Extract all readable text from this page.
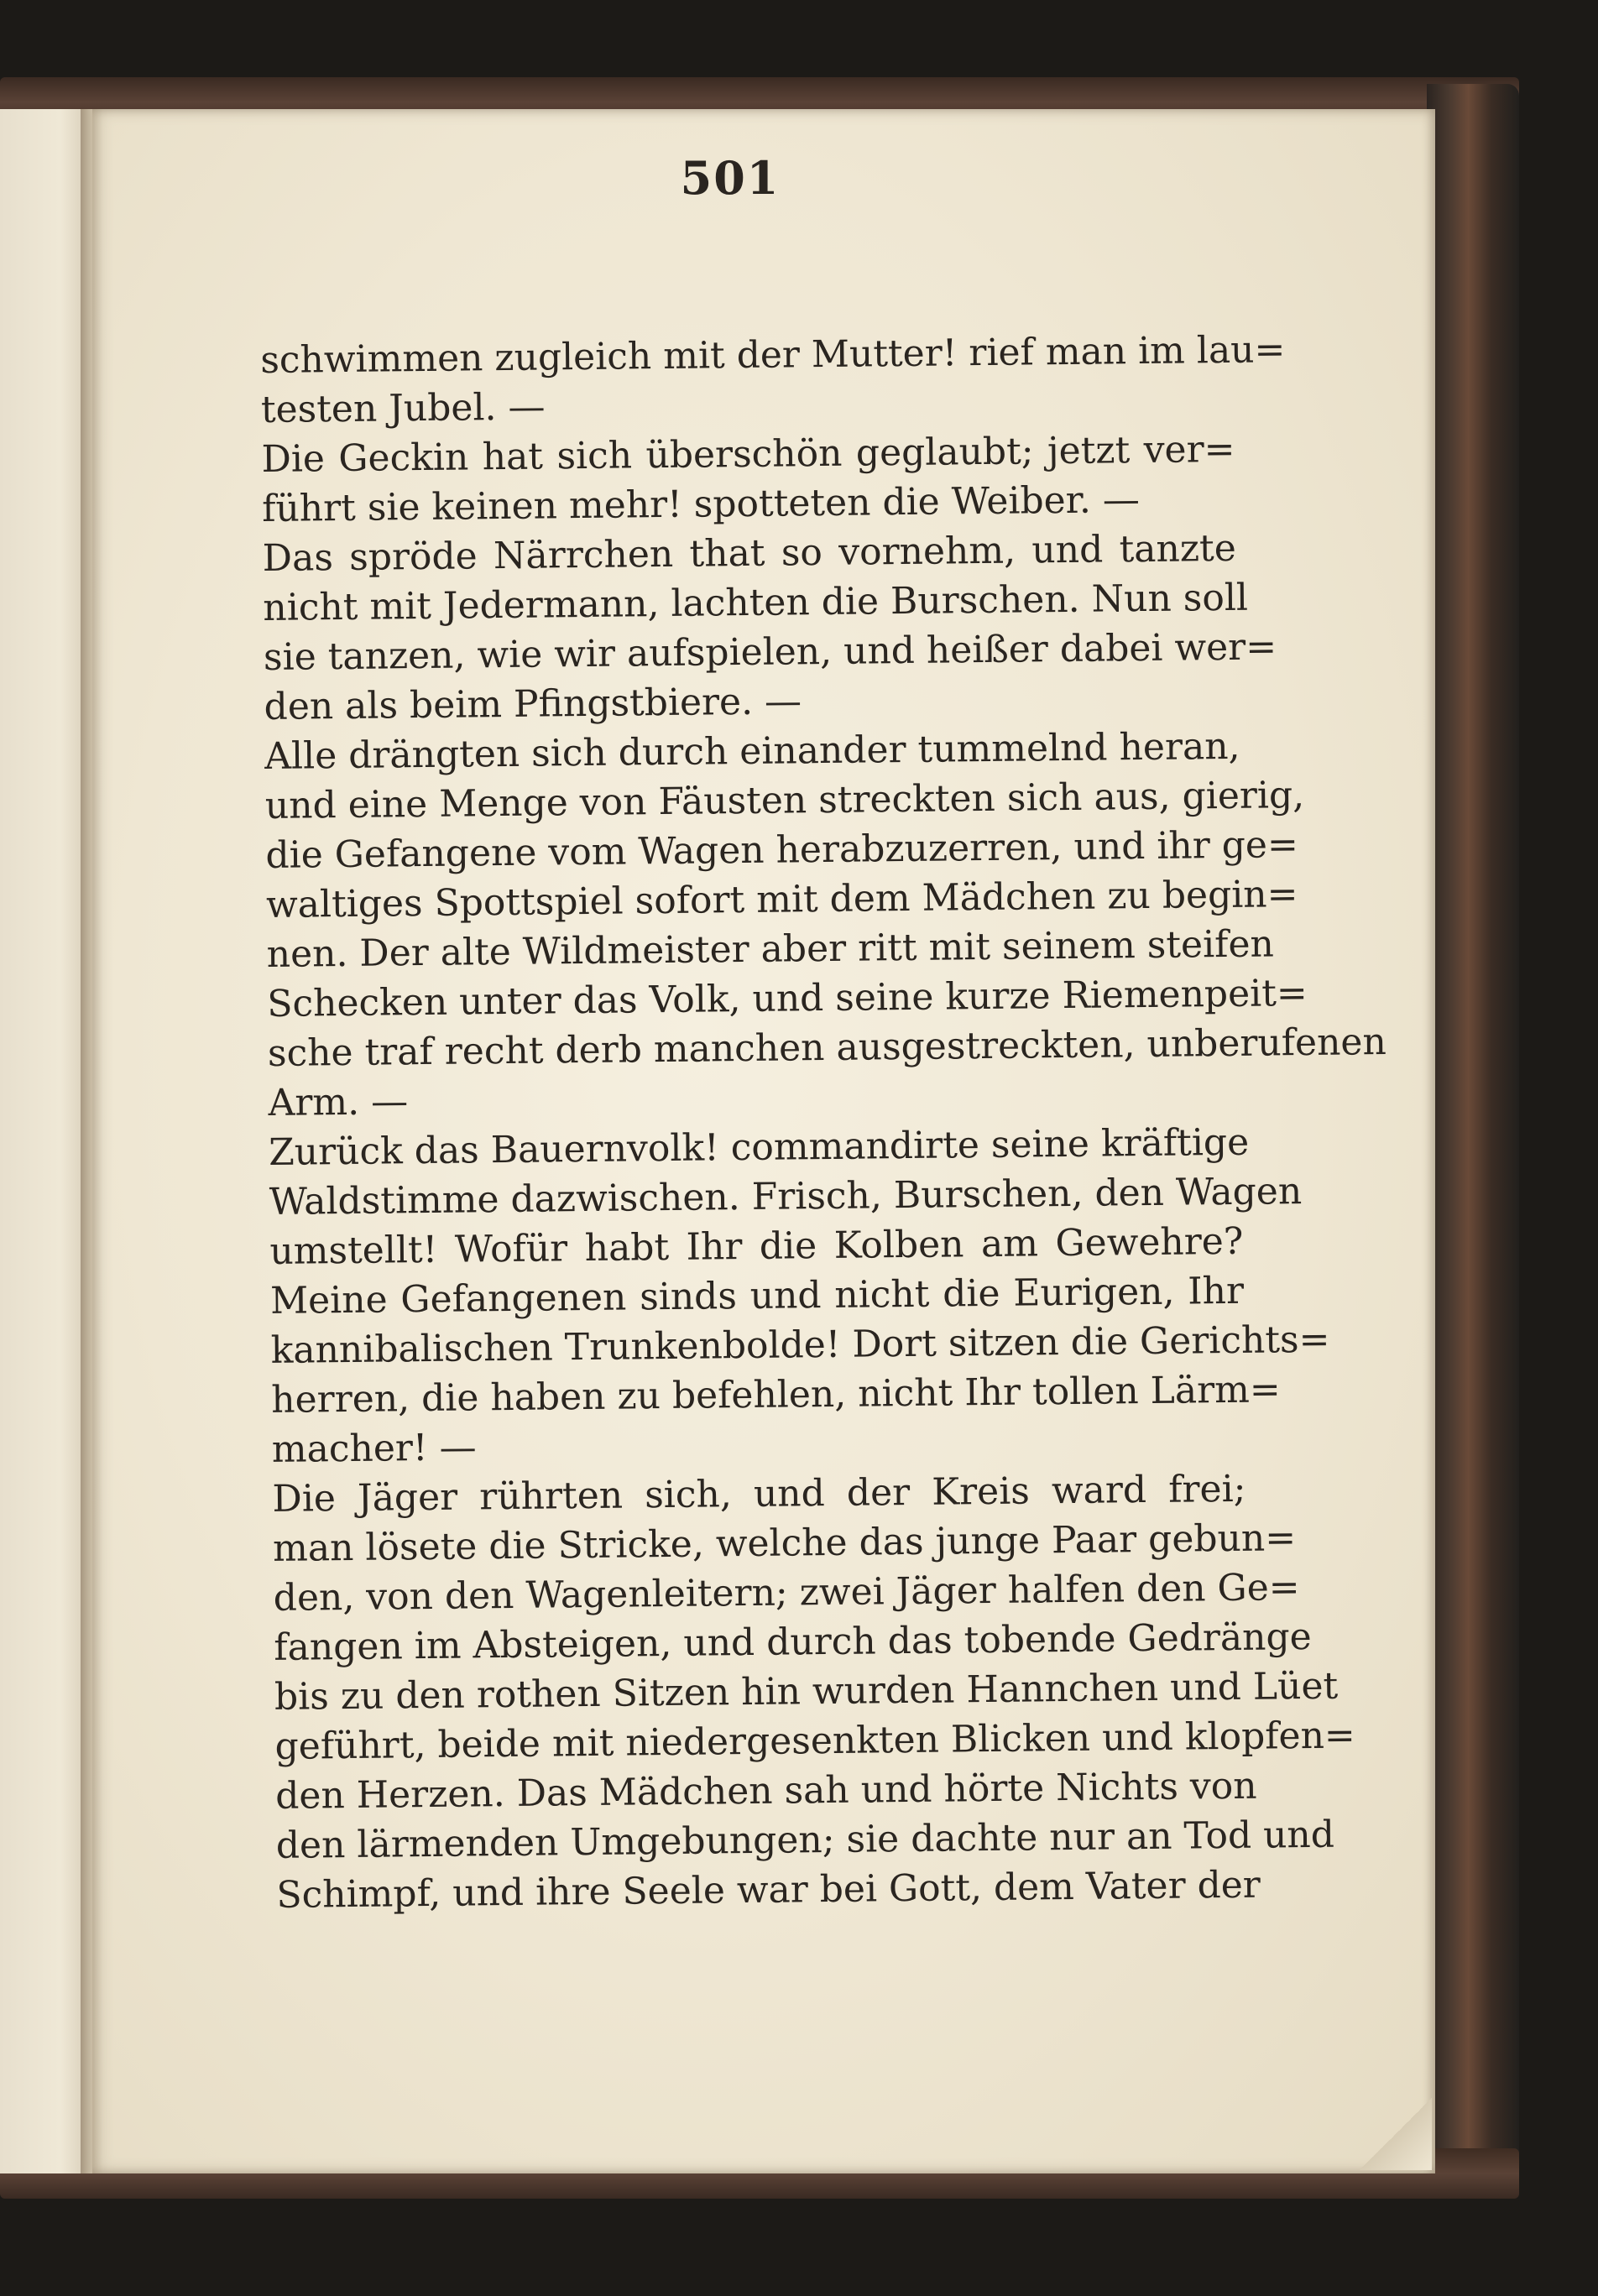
501
schwimmen zugleich mit der Mutter! rief man im lau=
testen Jubel. —
Die Geckin hat sich überschön geglaubt; jetzt ver=
führt sie keinen mehr! spotteten die Weiber. —
Das spröde Närrchen that so vornehm, und tanzte
nicht mit Jedermann, lachten die Burschen. Nun soll
sie tanzen, wie wir aufspielen, und heißer dabei wer=
den als beim Pfingstbiere. —
Alle drängten sich durch einander tummelnd heran,
und eine Menge von Fäusten streckten sich aus, gierig,
die Gefangene vom Wagen herabzuzerren, und ihr ge=
waltiges Spottspiel sofort mit dem Mädchen zu begin=
nen. Der alte Wildmeister aber ritt mit seinem steifen
Schecken unter das Volk, und seine kurze Riemenpeit=
sche traf recht derb manchen ausgestreckten, unberufenen
Arm. —
Zurück das Bauernvolk! commandirte seine kräftige
Waldstimme dazwischen. Frisch, Burschen, den Wagen
umstellt! Wofür habt Ihr die Kolben am Gewehre?
Meine Gefangenen sinds und nicht die Eurigen, Ihr
kannibalischen Trunkenbolde! Dort sitzen die Gerichts=
herren, die haben zu befehlen, nicht Ihr tollen Lärm=
macher! —
Die Jäger rührten sich, und der Kreis ward frei;
man lösete die Stricke, welche das junge Paar gebun=
den, von den Wagenleitern; zwei Jäger halfen den Ge=
fangen im Absteigen, und durch das tobende Gedränge
bis zu den rothen Sitzen hin wurden Hannchen und Lüet
geführt, beide mit niedergesenkten Blicken und klopfen=
den Herzen. Das Mädchen sah und hörte Nichts von
den lärmenden Umgebungen; sie dachte nur an Tod und
Schimpf, und ihre Seele war bei Gott, dem Vater der
